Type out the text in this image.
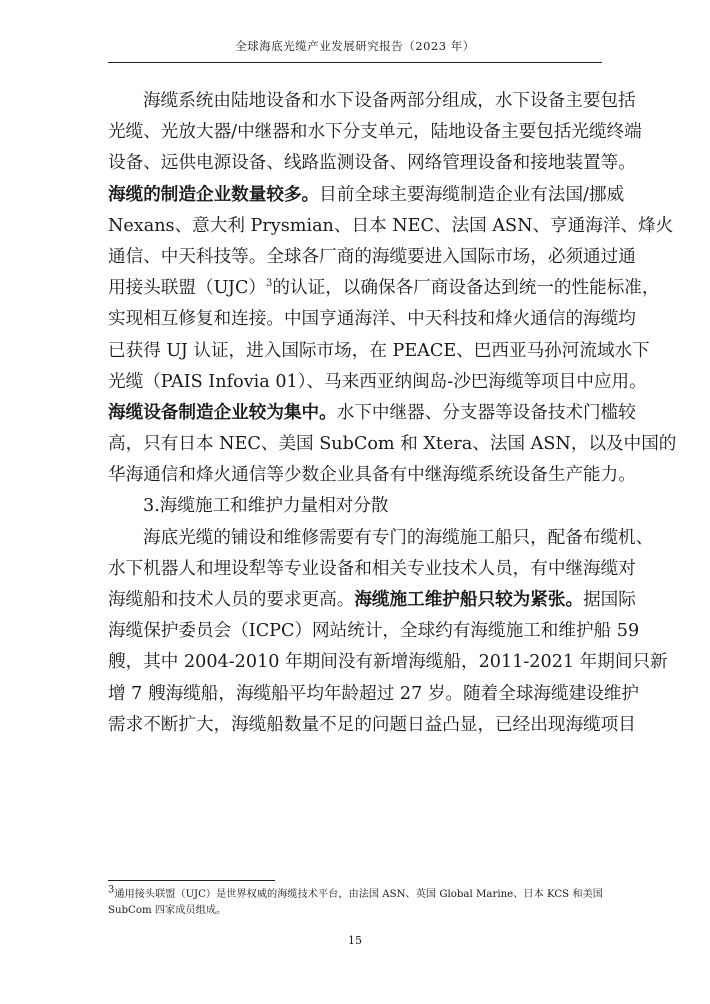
全球海底光缆产业发展研究报告（2023 年）
海缆系统由陆地设备和水下设备两部分组成，水下设备主要包括
光缆、光放大器/中继器和水下分支单元，陆地设备主要包括光缆终端
设备、远供电源设备、线路监测设备、网络管理设备和接地装置等。
海缆的制造企业数量较多。目前全球主要海缆制造企业有法国/挪威
Nexans、意大利 Prysmian、日本 NEC、法国 ASN、亨通海洋、烽火
通信、中天科技等。全球各厂商的海缆要进入国际市场，必须通过通
用接头联盟（UJC）$^3$的认证，以确保各厂商设备达到统一的性能标准，
实现相互修复和连接。中国亨通海洋、中天科技和烽火通信的海缆均
已获得 UJ 认证，进入国际市场，在 PEACE、巴西亚马孙河流域水下
光缆（PAIS Infovia 01）、马来西亚纳闽岛-沙巴海缆等项目中应用。
海缆设备制造企业较为集中。水下中继器、分支器等设备技术门槛较
高，只有日本 NEC、美国 SubCom 和 Xtera、法国 ASN，以及中国的
华海通信和烽火通信等少数企业具备有中继海缆系统设备生产能力。
3.海缆施工和维护力量相对分散
海底光缆的铺设和维修需要有专门的海缆施工船只，配备布缆机、
水下机器人和埋设犁等专业设备和相关专业技术人员，有中继海缆对
海缆船和技术人员的要求更高。海缆施工维护船只较为紧张。据国际
海缆保护委员会（ICPC）网站统计，全球约有海缆施工和维护船 59
艘，其中 2004-2010 年期间没有新增海缆船，2011-2021 年期间只新
增 7 艘海缆船，海缆船平均年龄超过 27 岁。随着全球海缆建设维护
需求不断扩大，海缆船数量不足的问题日益凸显，已经出现海缆项目
3通用接头联盟（UJC）是世界权威的海缆技术平台，由法国 ASN、英国 Global Marine、日本 KCS 和美国
SubCom 四家成员组成。
15
